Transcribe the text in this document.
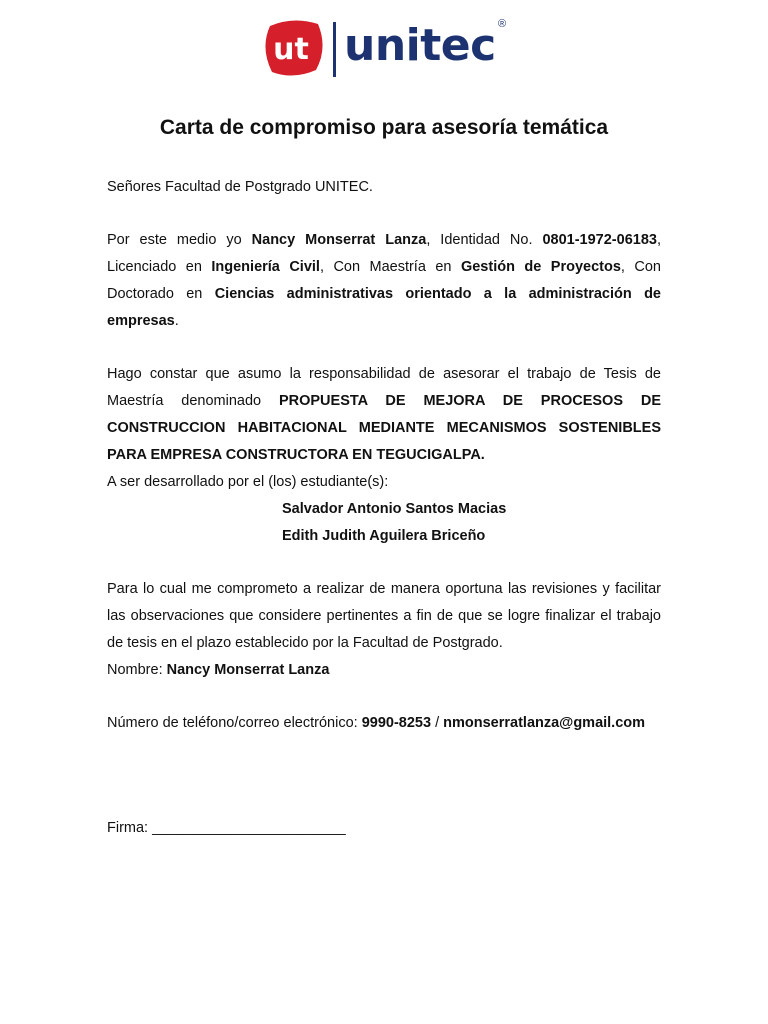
ut unitec ®
Carta de compromiso para asesoría temática

Señores Facultad de Postgrado UNITEC.

Por este medio yo Nancy Monserrat Lanza, Identidad No. 0801-1972-06183, Licenciado en Ingeniería Civil, Con Maestría en Gestión de Proyectos, Con Doctorado en Ciencias administrativas orientado a la administración de empresas.

Hago constar que asumo la responsabilidad de asesorar el trabajo de Tesis de Maestría denominado PROPUESTA DE MEJORA DE PROCESOS DE CONSTRUCCION HABITACIONAL MEDIANTE MECANISMOS SOSTENIBLES PARA EMPRESA CONSTRUCTORA EN TEGUCIGALPA.

A ser desarrollado por el (los) estudiante(s):

Salvador Antonio Santos Macias
Edith Judith Aguilera Briceño

Para lo cual me comprometo a realizar de manera oportuna las revisiones y facilitar las observaciones que considere pertinentes a fin de que se logre finalizar el trabajo de tesis en el plazo establecido por la Facultad de Postgrado.

Nombre: Nancy Monserrat Lanza

Número de teléfono/correo electrónico: 9990-8253 / nmonserratlanza@gmail.com

Firma: ________________________
